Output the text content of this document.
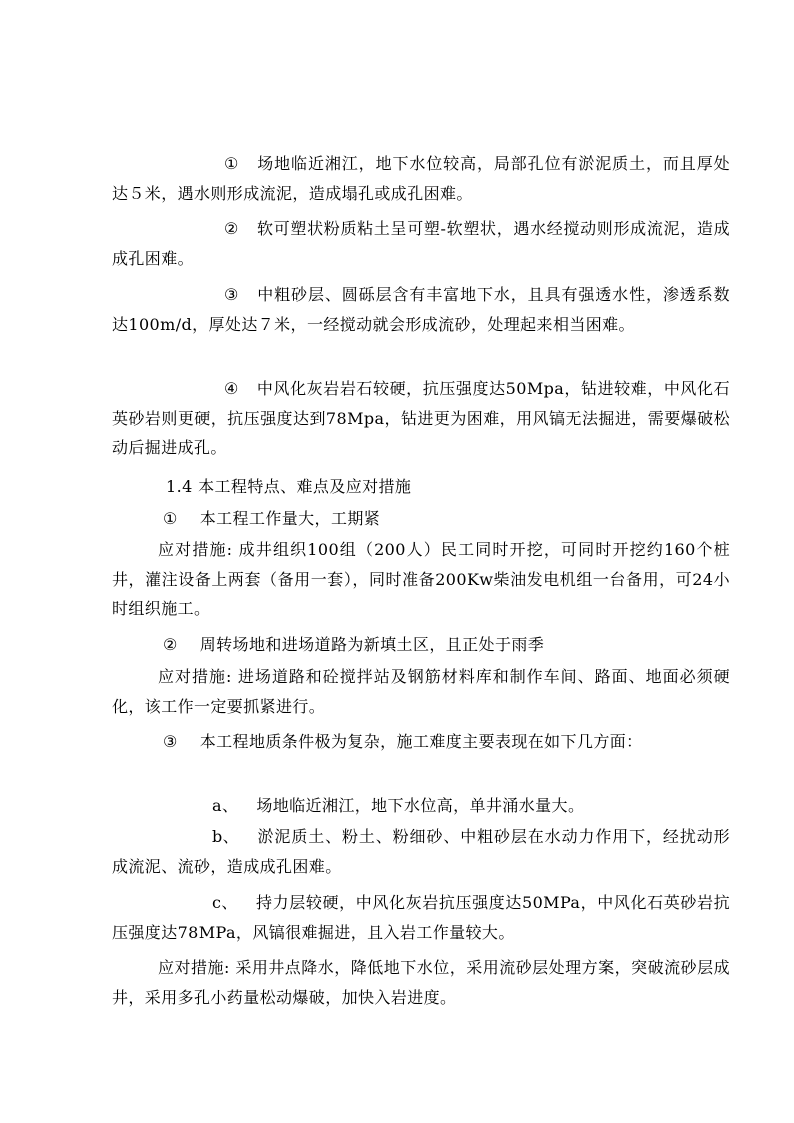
① 场地临近湘江，地下水位较高，局部孔位有淤泥质土，而且厚处达５米，遇水则形成流泥，造成塌孔或成孔困难。

② 软可塑状粉质粘土呈可塑-软塑状，遇水经搅动则形成流泥，造成成孔困难。

③ 中粗砂层、圆砾层含有丰富地下水，且具有强透水性，渗透系数达100m/d，厚处达７米，一经搅动就会形成流砂，处理起来相当困难。

④ 中风化灰岩岩石较硬，抗压强度达50Mpa，钻进较难，中风化石英砂岩则更硬，抗压强度达到78Mpa，钻进更为困难，用风镐无法掘进，需要爆破松动后掘进成孔。

1.4 本工程特点、难点及应对措施

① 本工程工作量大，工期紧

应对措施: 成井组织100组（200人）民工同时开挖，可同时开挖约160个桩井，灌注设备上两套（备用一套），同时准备200Kw柴油发电机组一台备用，可24小时组织施工。

② 周转场地和进场道路为新填土区，且正处于雨季

应对措施: 进场道路和砼搅拌站及钢筋材料库和制作车间、路面、地面必须硬化，该工作一定要抓紧进行。

③ 本工程地质条件极为复杂，施工难度主要表现在如下几方面：

a、 场地临近湘江，地下水位高，单井涌水量大。

b、 淤泥质土、粉土、粉细砂、中粗砂层在水动力作用下，经扰动形成流泥、流砂，造成成孔困难。

c、 持力层较硬，中风化灰岩抗压强度达50MPa，中风化石英砂岩抗压强度达78MPa，风镐很难掘进，且入岩工作量较大。

应对措施: 采用井点降水，降低地下水位，采用流砂层处理方案，突破流砂层成井，采用多孔小药量松动爆破，加快入岩进度。
